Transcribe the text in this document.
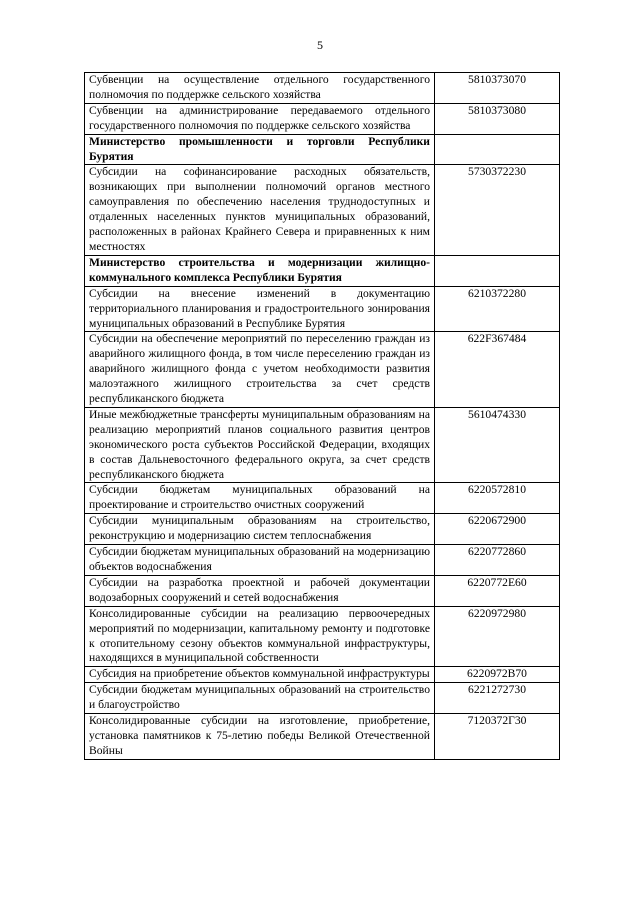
5
Субвенции на осуществление отдельного государственного полномочия по поддержке сельского хозяйства	5810373070
Субвенции на администрирование передаваемого отдельного государственного полномочия по поддержке сельского хозяйства	5810373080
Министерство промышленности и торговли Республики Бурятия	
Субсидии на софинансирование расходных обязательств, возникающих при выполнении полномочий органов местного самоуправления по обеспечению населения труднодоступных и отдаленных населенных пунктов муниципальных образований, расположенных в районах Крайнего Севера и приравненных к ним местностях	5730372230
Министерство строительства и модернизации жилищно-коммунального комплекса Республики Бурятия	
Субсидии на внесение изменений в документацию территориального планирования и градостроительного зонирования муниципальных образований в Республике Бурятия	6210372280
Субсидии на обеспечение мероприятий по переселению граждан из аварийного жилищного фонда, в том числе переселению граждан из аварийного жилищного фонда с учетом необходимости развития малоэтажного жилищного строительства за счет средств республиканского бюджета	622F367484
Иные межбюджетные трансферты муниципальным образованиям на реализацию мероприятий планов социального развития центров экономического роста субъектов Российской Федерации, входящих в состав Дальневосточного федерального округа, за счет средств республиканского бюджета	5610474330
Субсидии бюджетам муниципальных образований на проектирование и строительство очистных сооружений	6220572810
Субсидии муниципальным образованиям на строительство, реконструкцию и модернизацию систем теплоснабжения	6220672900
Субсидии бюджетам муниципальных образований на модернизацию объектов водоснабжения	6220772860
Субсидии на разработка проектной и рабочей документации водозаборных сооружений и сетей водоснабжения	6220772Е60
Консолидированные субсидии на реализацию первоочередных мероприятий по модернизации, капитальному ремонту и подготовке к отопительному сезону объектов коммунальной инфраструктуры, находящихся в муниципальной собственности	6220972980
Субсидия на приобретение объектов коммунальной инфраструктуры	6220972В70
Субсидии бюджетам муниципальных образований на строительство и благоустройство	6221272730
Консолидированные субсидии на изготовление, приобретение, установка памятников к 75-летию победы Великой Отечественной Войны	7120372Г30
